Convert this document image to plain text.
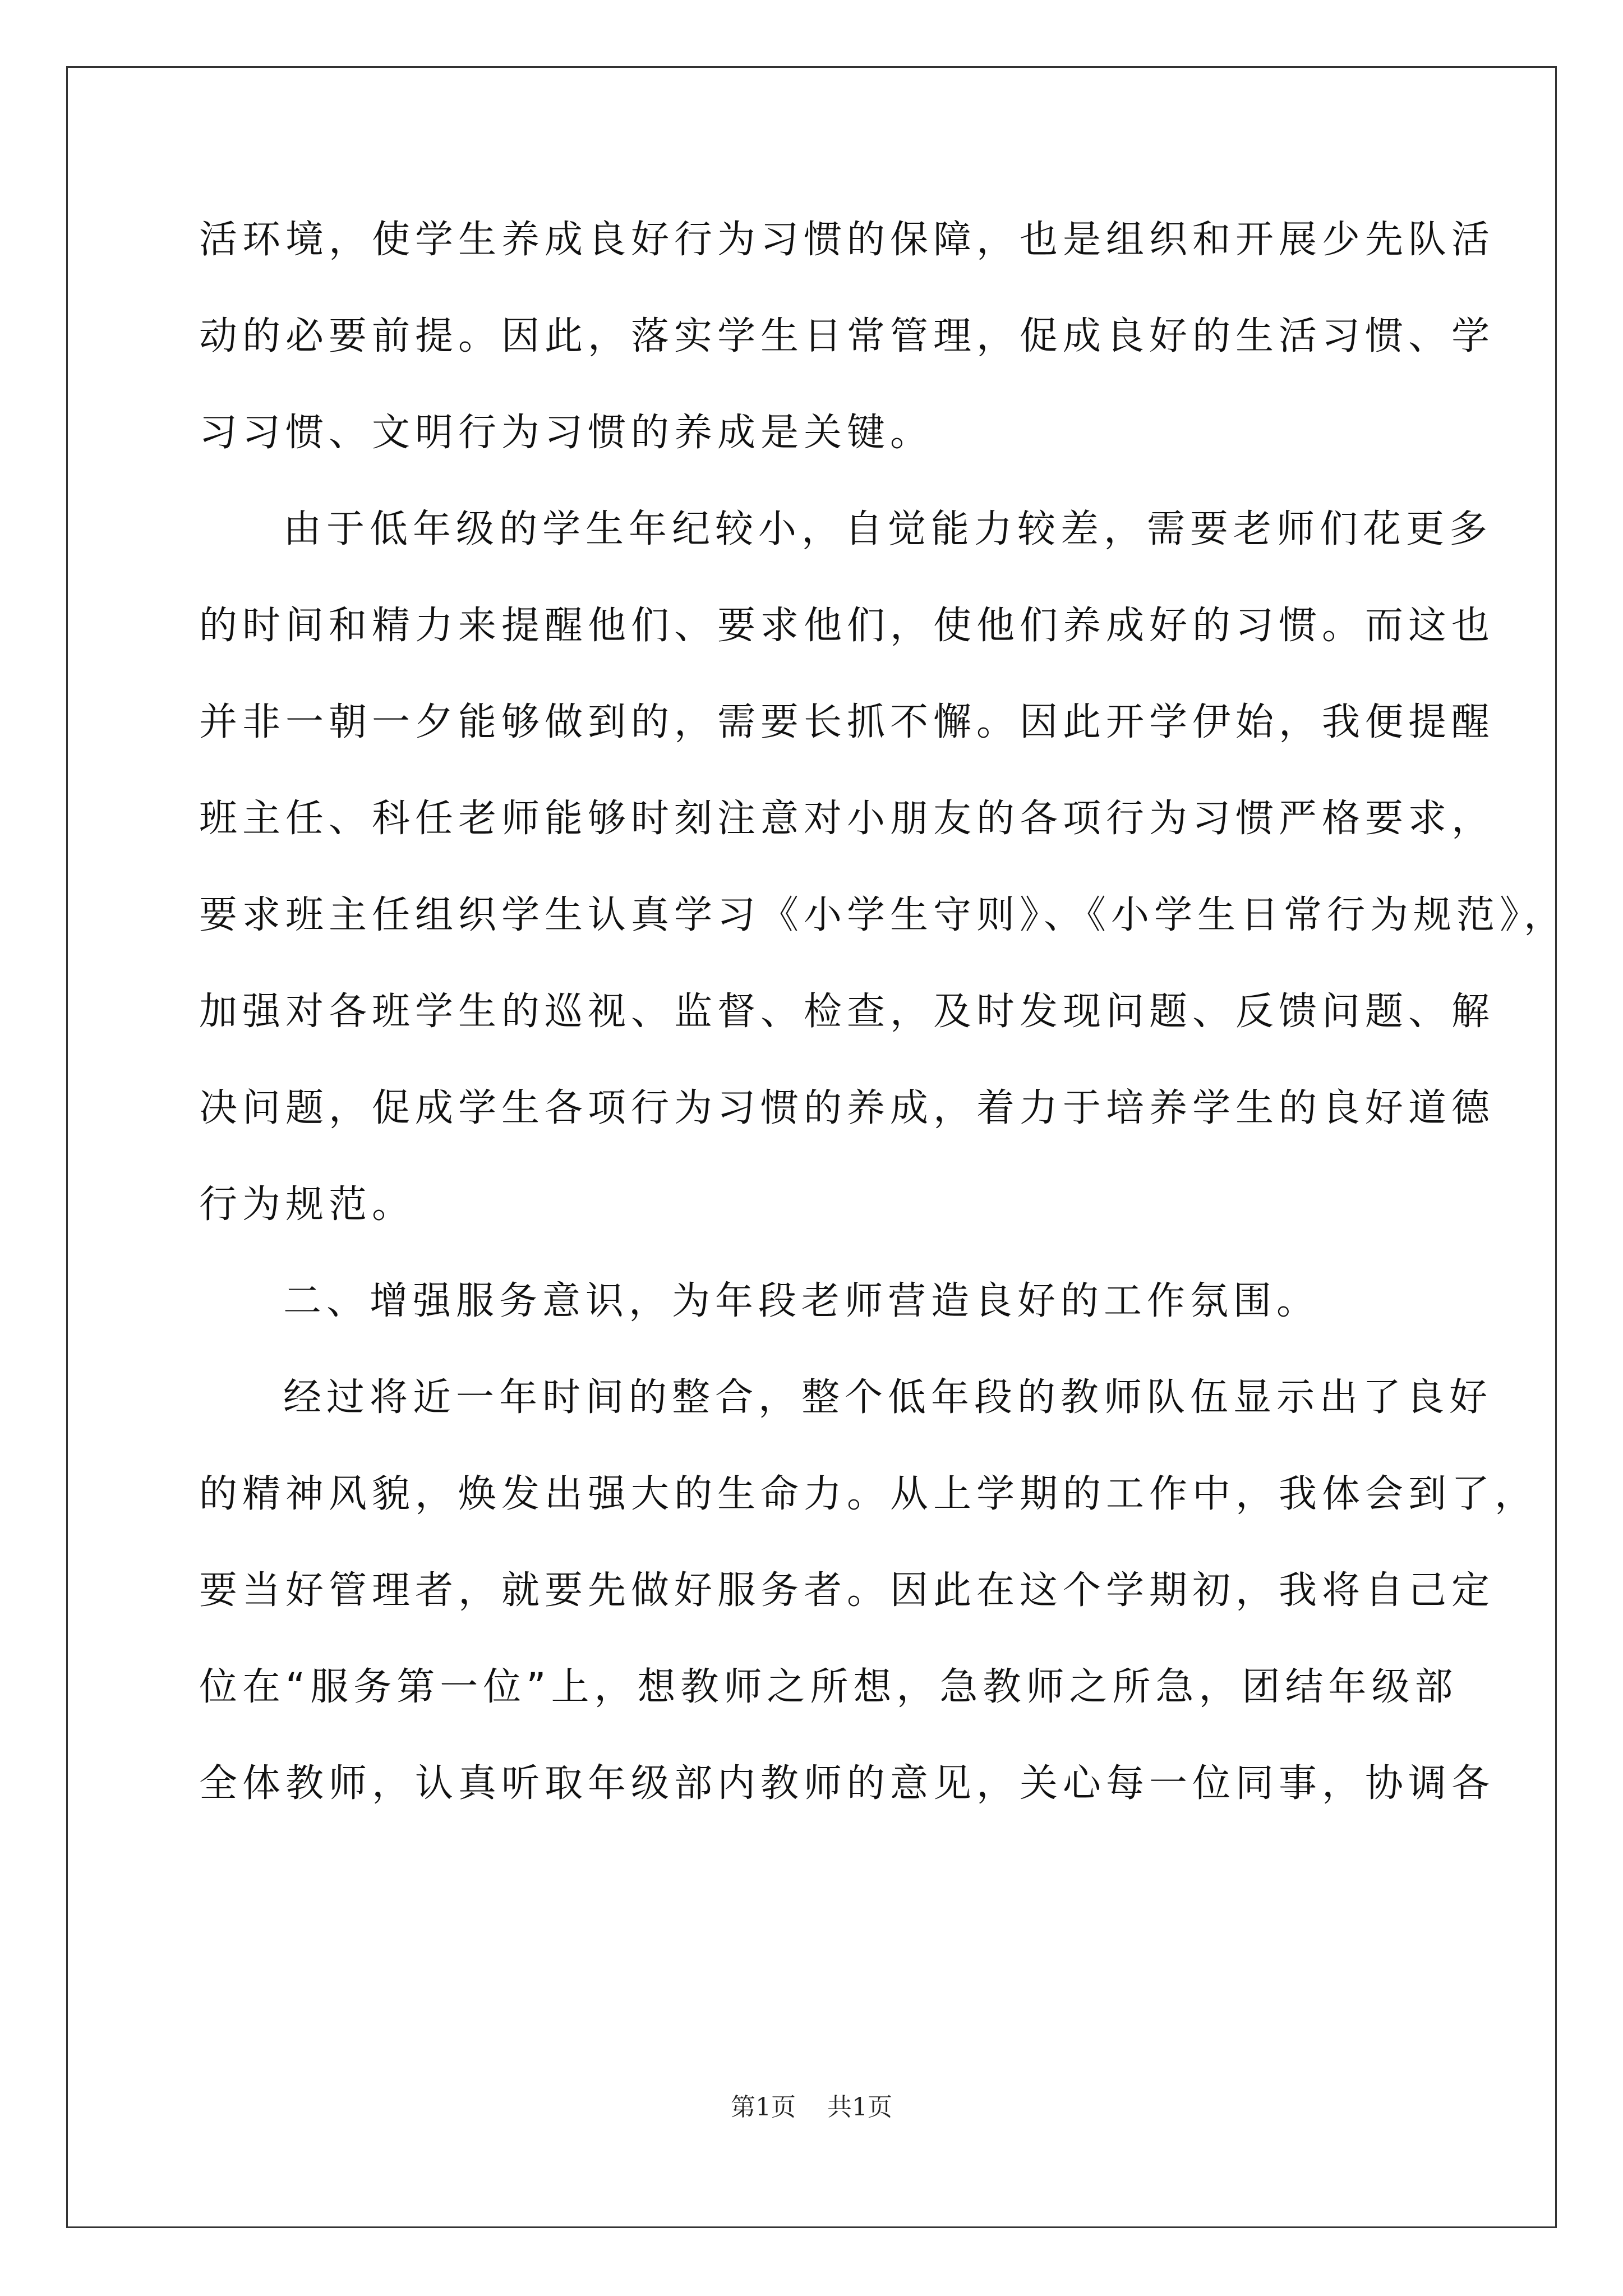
活环境，使学生养成良好行为习惯的保障，也是组织和开展少先队活
动的必要前提。因此，落实学生日常管理，促成良好的生活习惯、学
习习惯、文明行为习惯的养成是关键。
由于低年级的学生年纪较小，自觉能力较差，需要老师们花更多
的时间和精力来提醒他们、要求他们，使他们养成好的习惯。而这也
并非一朝一夕能够做到的，需要长抓不懈。因此开学伊始，我便提醒
班主任、科任老师能够时刻注意对小朋友的各项行为习惯严格要求，
要求班主任组织学生认真学习《小学生守则》、《小学生日常行为规范》，
加强对各班学生的巡视、监督、检查，及时发现问题、反馈问题、解
决问题，促成学生各项行为习惯的养成，着力于培养学生的良好道德
行为规范。
二、增强服务意识，为年段老师营造良好的工作氛围。
经过将近一年时间的整合，整个低年段的教师队伍显示出了良好
的精神风貌，焕发出强大的生命力。从上学期的工作中，我体会到了，
要当好管理者，就要先做好服务者。因此在这个学期初，我将自己定
位在“服务第一位”上，想教师之所想，急教师之所急，团结年级部
全体教师，认真听取年级部内教师的意见，关心每一位同事，协调各
第1页 共1页
